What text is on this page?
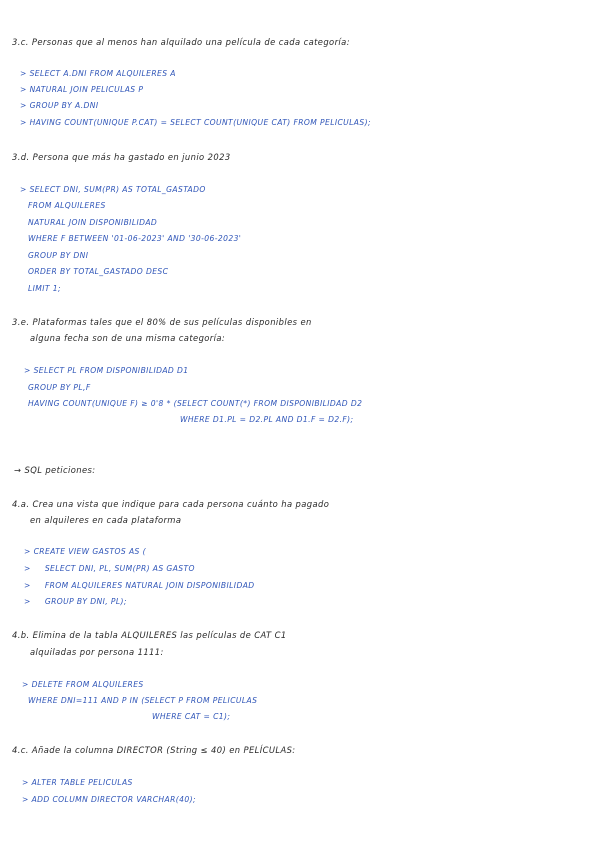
3.c. Personas que al menos han alquilado una película de cada categoría:
> SELECT A.DNI FROM ALQUILERES A
> NATURAL JOIN PELICULAS P
> GROUP BY A.DNI
> HAVING COUNT(UNIQUE P.CAT) = SELECT COUNT(UNIQUE CAT) FROM PELICULAS);
3.d. Persona que más ha gastado en junio 2023
> SELECT DNI, SUM(PR) AS TOTAL_GASTADO
FROM ALQUILERES
NATURAL JOIN DISPONIBILIDAD
WHERE F BETWEEN '01-06-2023' AND '30-06-2023'
GROUP BY DNI
ORDER BY TOTAL_GASTADO DESC
LIMIT 1;
3.e. Plataformas tales que el 80% de sus películas disponibles en
alguna fecha son de una misma categoría:
> SELECT PL FROM DISPONIBILIDAD D1
GROUP BY PL,F
HAVING COUNT(UNIQUE F) ≥ 0'8 * (SELECT COUNT(*) FROM DISPONIBILIDAD D2
WHERE D1.PL = D2.PL AND D1.F = D2.F);
→ SQL peticiones:
4.a. Crea una vista que indique para cada persona cuánto ha pagado
en alquileres en cada plataforma
> CREATE VIEW GASTOS AS (
>     SELECT DNI, PL, SUM(PR) AS GASTO
>     FROM ALQUILERES NATURAL JOIN DISPONIBILIDAD
>     GROUP BY DNI, PL);
4.b. Elimina de la tabla ALQUILERES las películas de CAT C1
alquiladas por persona 1111:
> DELETE FROM ALQUILERES
WHERE DNI=111 AND P IN (SELECT P FROM PELICULAS
WHERE CAT = C1);
4.c. Añade la columna DIRECTOR (String ≤ 40) en PELÍCULAS:
> ALTER TABLE PELICULAS
> ADD COLUMN DIRECTOR VARCHAR(40);
